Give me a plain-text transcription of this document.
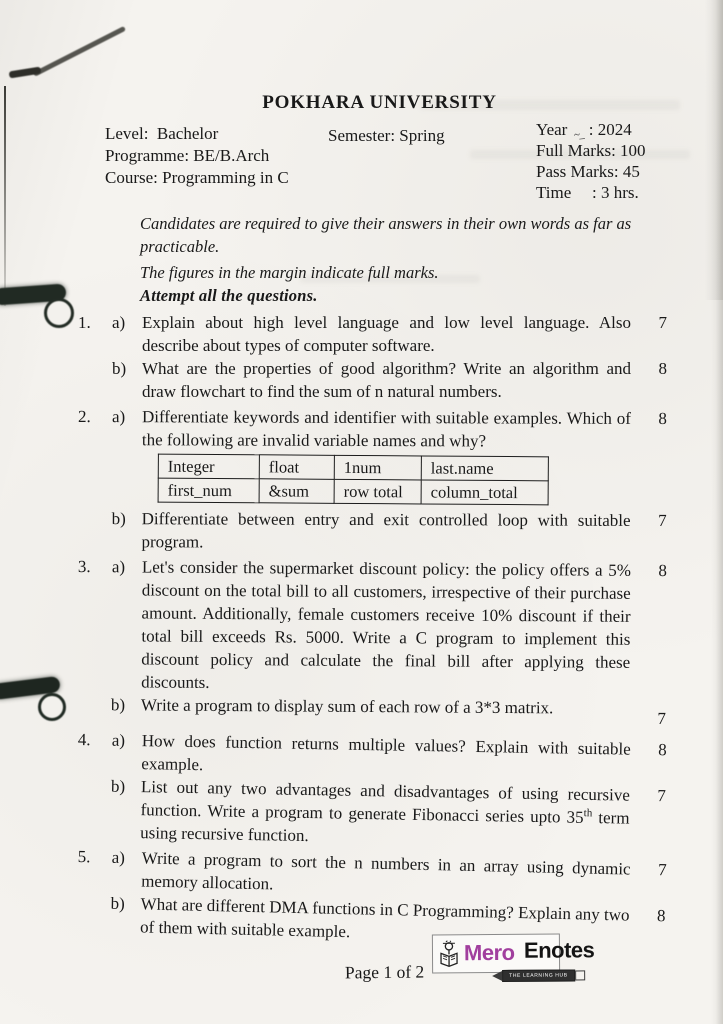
POKHARA UNIVERSITY
Level:  Bachelor
Programme: BE/B.Arch
Course: Programming in C
Semester: Spring	Year ~_ : 2024
Full Marks: 100
Pass Marks: 45
Time : 3 hrs.
Candidates are required to give their answers in their own words as far as practicable.
The figures in the margin indicate full marks.
Attempt all the questions.
1.	a) Explain about high level language and low level language. Also describe about types of computer software.
7
b) What are the properties of good algorithm? Write an algorithm and draw flowchart to find the sum of n natural numbers.
8
2.	a) Differentiate keywords and identifier with suitable examples. Which of the following are invalid variable names and why?
8
Integer	float	1num	last.name
first_num	&sum	row total	column_total
b) Differentiate between entry and exit controlled loop with suitable program.
7
3.	a) Let's consider the supermarket discount policy: the policy offers a 5% discount on the total bill to all customers, irrespective of their purchase amount. Additionally, female customers receive 10% discount if their total bill exceeds Rs. 5000. Write a C program to implement this discount policy and calculate the final bill after applying these discounts.
8
b) Write a program to display sum of each row of a 3*3 matrix.
7
4.	a) How does function returns multiple values? Explain with suitable example.
8
b) List out any two advantages and disadvantages of using recursive function. Write a program to generate Fibonacci series upto 35th term using recursive function.
7
5.	a) Write a program to sort the n numbers in an array using dynamic memory allocation.
7
b) What are different DMA functions in C Programming? Explain any two of them with suitable example.
8
Page 1 of 2
Mero Enotes
THE LEARNING HUB
